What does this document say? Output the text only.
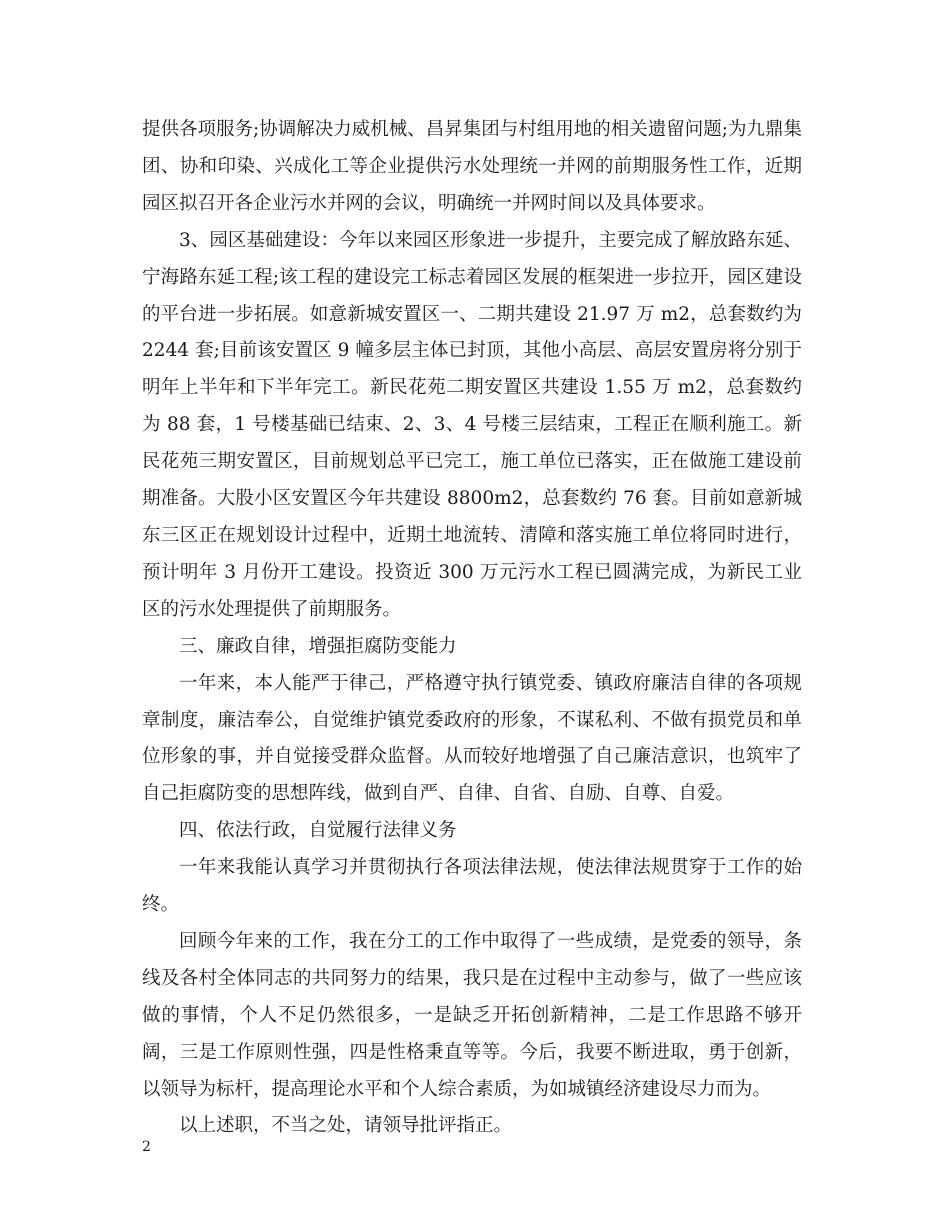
提供各项服务;协调解决力威机械、昌昇集团与村组用地的相关遗留问题;为九鼎集团、协和印染、兴成化工等企业提供污水处理统一并网的前期服务性工作，近期园区拟召开各企业污水并网的会议，明确统一并网时间以及具体要求。

3、园区基础建设：今年以来园区形象进一步提升，主要完成了解放路东延、宁海路东延工程;该工程的建设完工标志着园区发展的框架进一步拉开，园区建设的平台进一步拓展。如意新城安置区一、二期共建设 21.97 万 m2，总套数约为 2244 套;目前该安置区 9 幢多层主体已封顶，其他小高层、高层安置房将分别于明年上半年和下半年完工。新民花苑二期安置区共建设 1.55 万 m2，总套数约为 88 套，1 号楼基础已结束、2、3、4 号楼三层结束，工程正在顺利施工。新民花苑三期安置区，目前规划总平已完工，施工单位已落实，正在做施工建设前期准备。大股小区安置区今年共建设 8800m2，总套数约 76 套。目前如意新城东三区正在规划设计过程中，近期土地流转、清障和落实施工单位将同时进行，预计明年 3 月份开工建设。投资近 300 万元污水工程已圆满完成，为新民工业区的污水处理提供了前期服务。

三、廉政自律，增强拒腐防变能力

一年来，本人能严于律己，严格遵守执行镇党委、镇政府廉洁自律的各项规章制度，廉洁奉公，自觉维护镇党委政府的形象，不谋私利、不做有损党员和单位形象的事，并自觉接受群众监督。从而较好地增强了自己廉洁意识，也筑牢了自己拒腐防变的思想阵线，做到自严、自律、自省、自励、自尊、自爱。

四、依法行政，自觉履行法律义务

一年来我能认真学习并贯彻执行各项法律法规，使法律法规贯穿于工作的始终。

回顾今年来的工作，我在分工的工作中取得了一些成绩，是党委的领导，条线及各村全体同志的共同努力的结果，我只是在过程中主动参与，做了一些应该做的事情，个人不足仍然很多，一是缺乏开拓创新精神，二是工作思路不够开阔，三是工作原则性强，四是性格秉直等等。今后，我要不断进取，勇于创新，以领导为标杆，提高理论水平和个人综合素质，为如城镇经济建设尽力而为。

以上述职，不当之处，请领导批评指正。

2
